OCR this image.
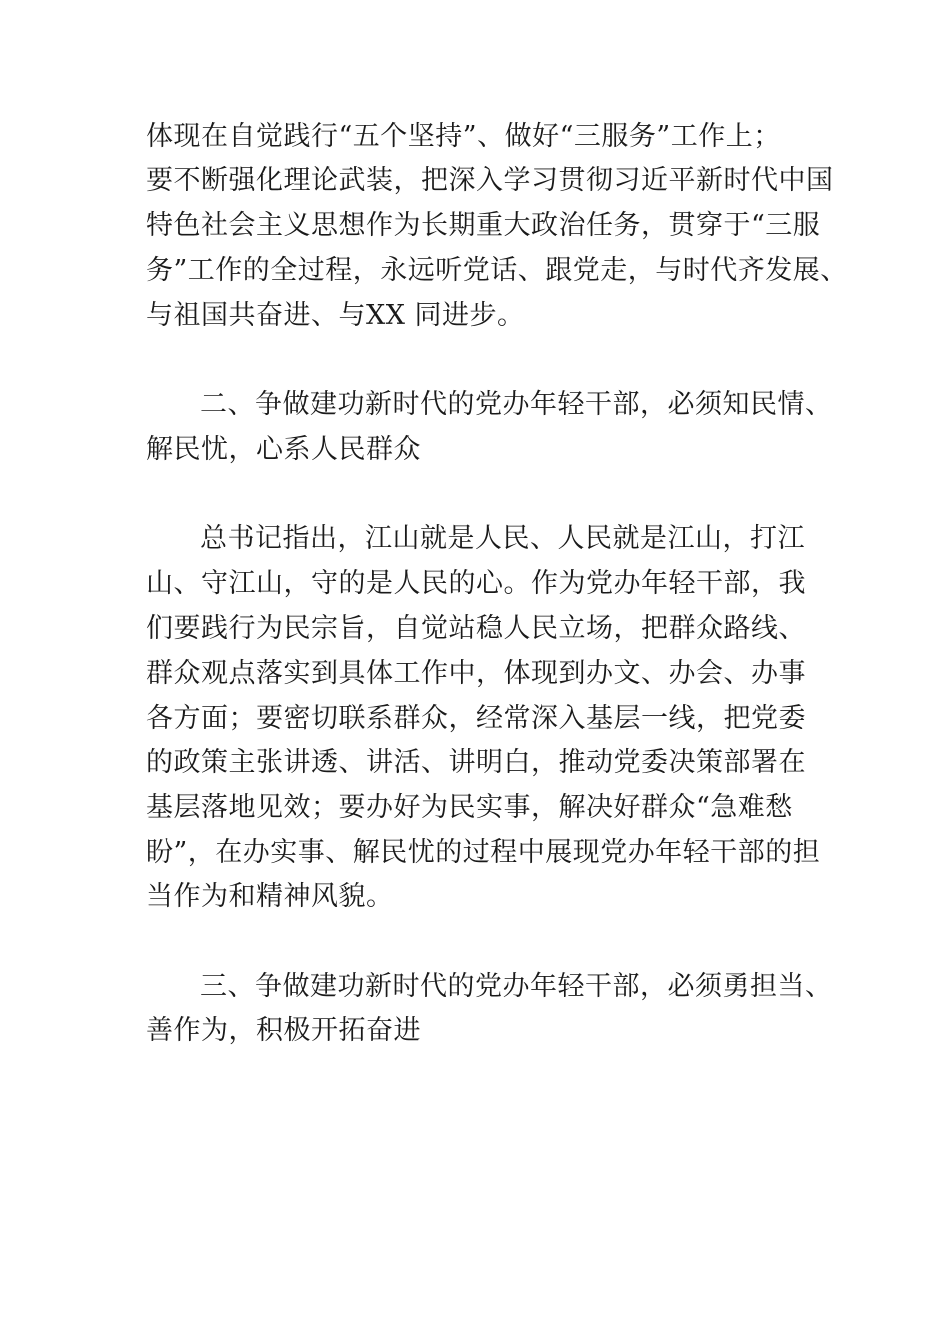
体现在自觉践行“五个坚持”、做好“三服务”工作上；
要不断强化理论武装，把深入学习贯彻习近平新时代中国
特色社会主义思想作为长期重大政治任务，贯穿于“三服
务”工作的全过程，永远听党话、跟党走，与时代齐发展、
与祖国共奋进、与XX 同进步。
二、争做建功新时代的党办年轻干部，必须知民情、
解民忧，心系人民群众
总书记指出，江山就是人民、人民就是江山，打江
山、守江山，守的是人民的心。作为党办年轻干部，我
们要践行为民宗旨，自觉站稳人民立场，把群众路线、
群众观点落实到具体工作中，体现到办文、办会、办事
各方面；要密切联系群众，经常深入基层一线，把党委
的政策主张讲透、讲活、讲明白，推动党委决策部署在
基层落地见效；要办好为民实事，解决好群众“急难愁
盼”，在办实事、解民忧的过程中展现党办年轻干部的担
当作为和精神风貌。
三、争做建功新时代的党办年轻干部，必须勇担当、
善作为，积极开拓奋进
